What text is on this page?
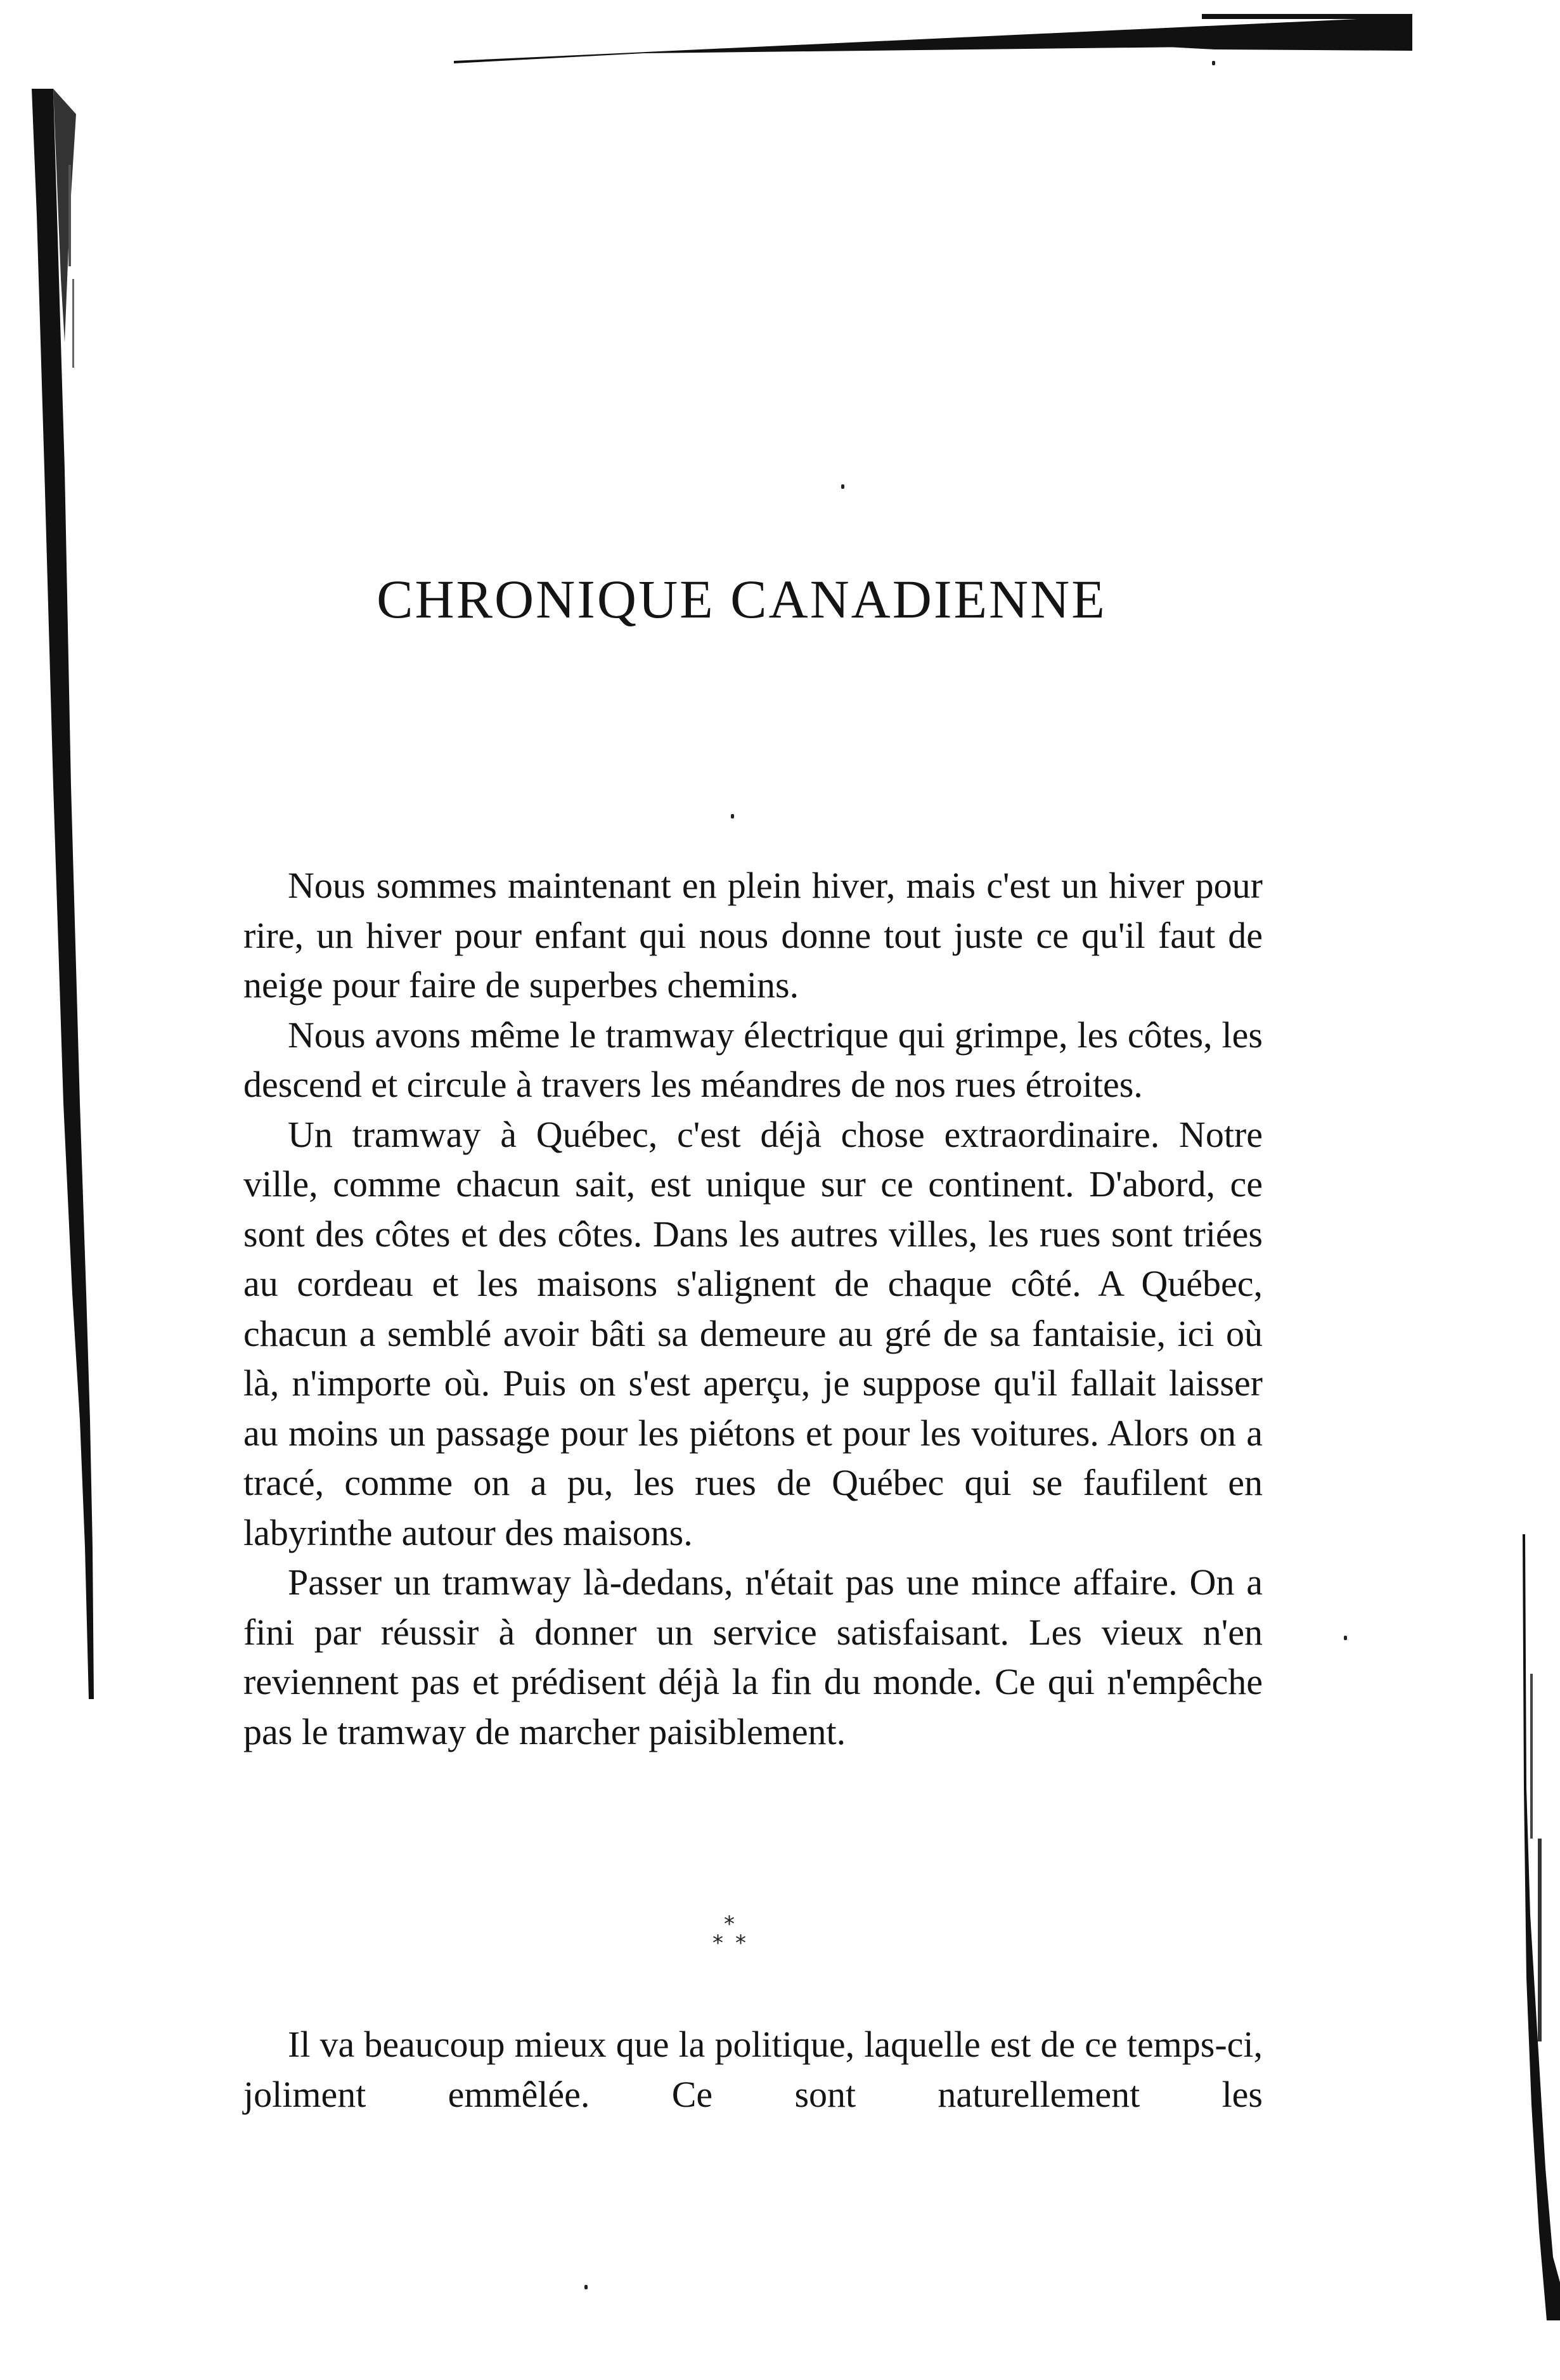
CHRONIQUE CANADIENNE

Nous sommes maintenant en plein hiver, mais c'est un hiver pour rire, un hiver pour enfant qui nous donne tout juste ce qu'il faut de neige pour faire de superbes chemins.

Nous avons même le tramway électrique qui grimpe, les côtes, les descend et circule à travers les méandres de nos rues étroites.

Un tramway à Québec, c'est déjà chose extraordinaire. Notre ville, comme chacun sait, est unique sur ce continent. D'abord, ce sont des côtes et des côtes. Dans les autres villes, les rues sont triées au cordeau et les maisons s'alignent de chaque côté. A Québec, chacun a semblé avoir bâti sa demeure au gré de sa fantaisie, ici où là, n'importe où. Puis on s'est aperçu, je suppose qu'il fallait laisser au moins un passage pour les piétons et pour les voitures. Alors on a tracé, comme on a pu, les rues de Québec qui se faufilent en labyrinthe autour des maisons.

Passer un tramway là-dedans, n'était pas une mince affaire. On a fini par réussir à donner un service satisfaisant. Les vieux n'en reviennent pas et prédisent déjà la fin du monde. Ce qui n'empêche pas le tramway de marcher paisiblement.

*
* *

Il va beaucoup mieux que la politique, laquelle est de ce temps-ci, joliment emmêlée. Ce sont naturellement les
